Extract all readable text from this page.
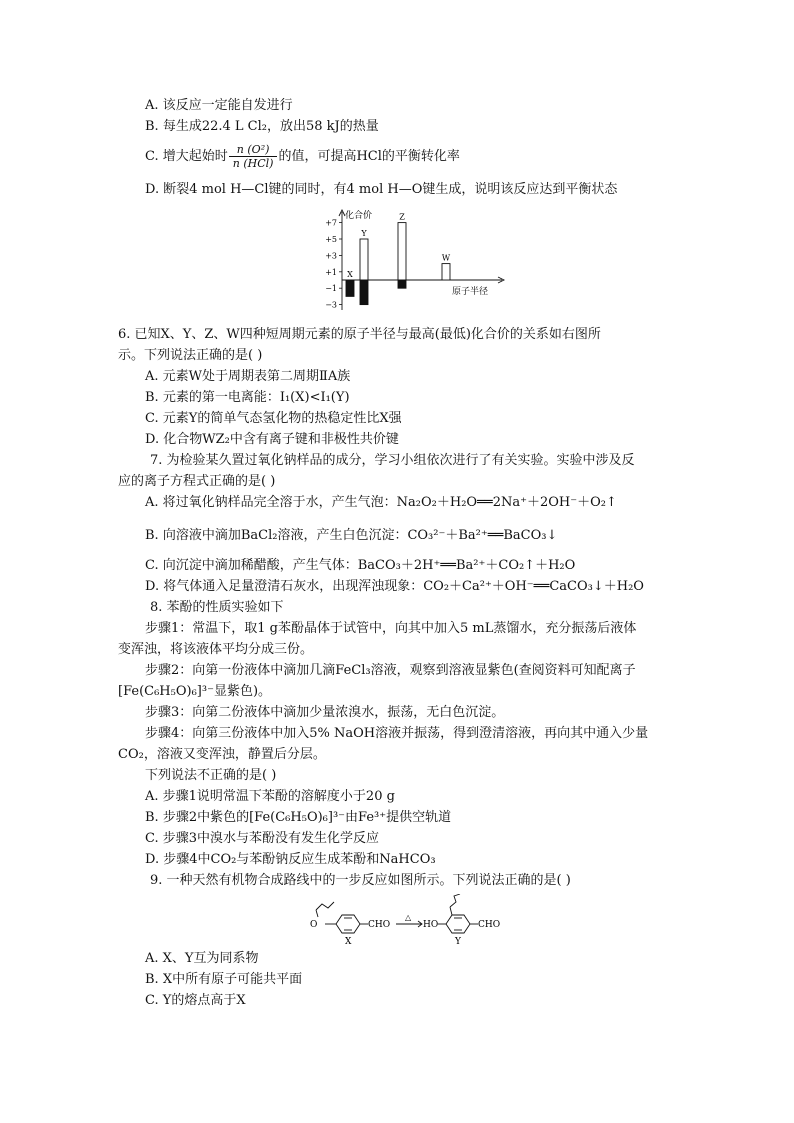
A. 该反应一定能自发进行
B. 每生成22.4 L Cl₂，放出58 kJ的热量
C. 增大起始时 $\frac{\text{n (O²)}}{\text{n (HCl)}}$ 的值，可提高HCl的平衡转化率
D. 断裂4 mol H—Cl键的同时，有4 mol H—O键生成，说明该反应达到平衡状态
+7
+5
+3
+1
−1
−3
化合价
原子半径
X
Y
Z
W
6. 已知X、Y、Z、W四种短周期元素的原子半径与最高(最低)化合价的关系如右图所
示。下列说法正确的是( )
A. 元素W处于周期表第二周期ⅡA族
B. 元素的第一电离能：I₁(X)<I₁(Y)
C. 元素Y的简单气态氢化物的热稳定性比X强
D. 化合物WZ₂中含有离子键和非极性共价键
7. 为检验某久置过氧化钠样品的成分，学习小组依次进行了有关实验。实验中涉及反
应的离子方程式正确的是( )
A. 将过氧化钠样品完全溶于水，产生气泡：Na₂O₂＋H₂O══2Na⁺＋2OH⁻＋O₂↑
B. 向溶液中滴加BaCl₂溶液，产生白色沉淀：CO₃²⁻＋Ba²⁺══BaCO₃↓
C. 向沉淀中滴加稀醋酸，产生气体：BaCO₃＋2H⁺══Ba²⁺＋CO₂↑＋H₂O
D. 将气体通入足量澄清石灰水，出现浑浊现象：CO₂＋Ca²⁺＋OH⁻══CaCO₃↓＋H₂O
8. 苯酚的性质实验如下
步骤1：常温下，取1 g苯酚晶体于试管中，向其中加入5 mL蒸馏水，充分振荡后液体
变浑浊，将该液体平均分成三份。
步骤2：向第一份液体中滴加几滴FeCl₃溶液，观察到溶液显紫色(查阅资料可知配离子
[Fe(C₆H₅O)₆]³⁻显紫色)。
步骤3：向第二份液体中滴加少量浓溴水，振荡，无白色沉淀。
步骤4：向第三份液体中加入5% NaOH溶液并振荡，得到澄清溶液，再向其中通入少量
CO₂，溶液又变浑浊，静置后分层。
下列说法不正确的是( )
A. 步骤1说明常温下苯酚的溶解度小于20 g
B. 步骤2中紫色的[Fe(C₆H₅O)₆]³⁻由Fe³⁺提供空轨道
C. 步骤3中溴水与苯酚没有发生化学反应
D. 步骤4中CO₂与苯酚钠反应生成苯酚和NaHCO₃
9. 一种天然有机物合成路线中的一步反应如图所示。下列说法正确的是( )
O	CHO
X
△
HO	CHO
Y
A. X、Y互为同系物
B. X中所有原子可能共平面
C. Y的熔点高于X
